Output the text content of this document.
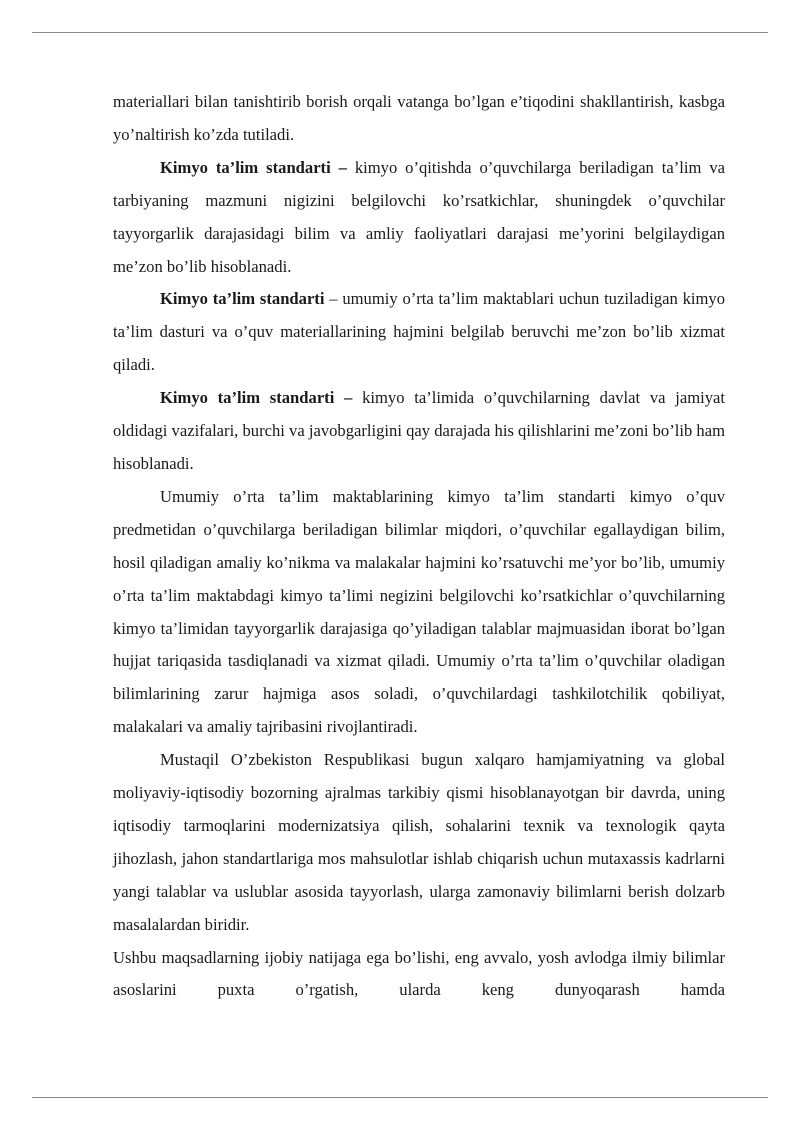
materiallari bilan tanishtirib borish orqali vatanga bo’lgan e’tiqodini shakllantirish, kasbga yo’naltirish ko’zda tutiladi.

Kimyo ta’lim standarti – kimyo o’qitishda o’quvchilarga beriladigan ta’lim va tarbiyaning mazmuni nigizini belgilovchi ko’rsatkichlar, shuningdek o’quvchilar tayyorgarlik darajasidagi bilim va amliy faoliyatlari darajasi me’yorini belgilaydigan me’zon bo’lib hisoblanadi.

Kimyo ta’lim standarti – umumiy o’rta ta’lim maktablari uchun tuziladigan kimyo ta’lim dasturi va o’quv materiallarining hajmini belgilab beruvchi me’zon bo’lib xizmat qiladi.

Kimyo ta’lim standarti – kimyo ta’limida o’quvchilarning davlat va jamiyat oldidagi vazifalari, burchi va javobgarligini qay darajada his qilishlarini me’zoni bo’lib ham hisoblanadi.

Umumiy o’rta ta’lim maktablarining kimyo ta’lim standarti kimyo o’quv predmetidan o’quvchilarga beriladigan bilimlar miqdori, o’quvchilar egallaydigan bilim, hosil qiladigan amaliy ko’nikma va malakalar hajmini ko’rsatuvchi me’yor bo’lib, umumiy o’rta ta’lim maktabdagi kimyo ta’limi negizini belgilovchi ko’rsatkichlar o’quvchilarning kimyo ta’limidan tayyorgarlik darajasiga qo’yiladigan talablar majmuasidan iborat bo’lgan hujjat tariqasida tasdiqlanadi va xizmat qiladi. Umumiy o’rta ta’lim o’quvchilar oladigan bilimlarining zarur hajmiga asos soladi, o’quvchilardagi tashkilotchilik qobiliyat, malakalari va amaliy tajribasini rivojlantiradi.

Mustaqil O’zbekiston Respublikasi bugun xalqaro hamjamiyatning va global moliyaviy-iqtisodiy bozorning ajralmas tarkibiy qismi hisoblanayotgan bir davrda, uning iqtisodiy tarmoqlarini modernizatsiya qilish, sohalarini texnik va texnologik qayta jihozlash, jahon standartlariga mos mahsulotlar ishlab chiqarish uchun mutaxassis kadrlarni yangi talablar va uslublar asosida tayyorlash, ularga zamonaviy bilimlarni berish dolzarb masalalardan biridir.

Ushbu maqsadlarning ijobiy natijaga ega bo’lishi, eng avvalo, yosh avlodga ilmiy bilimlar asoslarini puxta o’rgatish, ularda keng dunyoqarash hamda
